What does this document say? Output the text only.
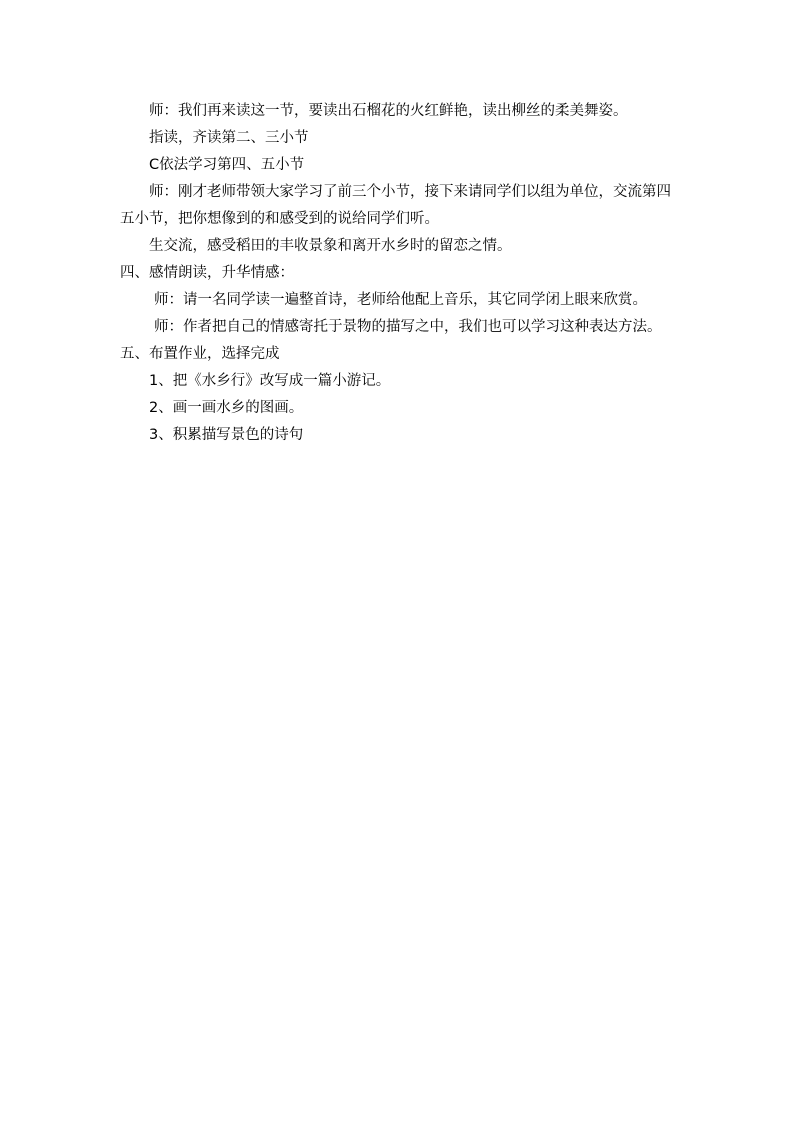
师：我们再来读这一节，要读出石榴花的火红鲜艳，读出柳丝的柔美舞姿。

指读，齐读第二、三小节

C依法学习第四、五小节

师：刚才老师带领大家学习了前三个小节，接下来请同学们以组为单位，交流第四五小节，把你想像到的和感受到的说给同学们听。

生交流，感受稻田的丰收景象和离开水乡时的留恋之情。

四、感情朗读，升华情感：

师：请一名同学读一遍整首诗，老师给他配上音乐，其它同学闭上眼来欣赏。

师：作者把自己的情感寄托于景物的描写之中，我们也可以学习这种表达方法。

五、布置作业，选择完成

1、把《水乡行》改写成一篇小游记。

2、画一画水乡的图画。

3、积累描写景色的诗句
